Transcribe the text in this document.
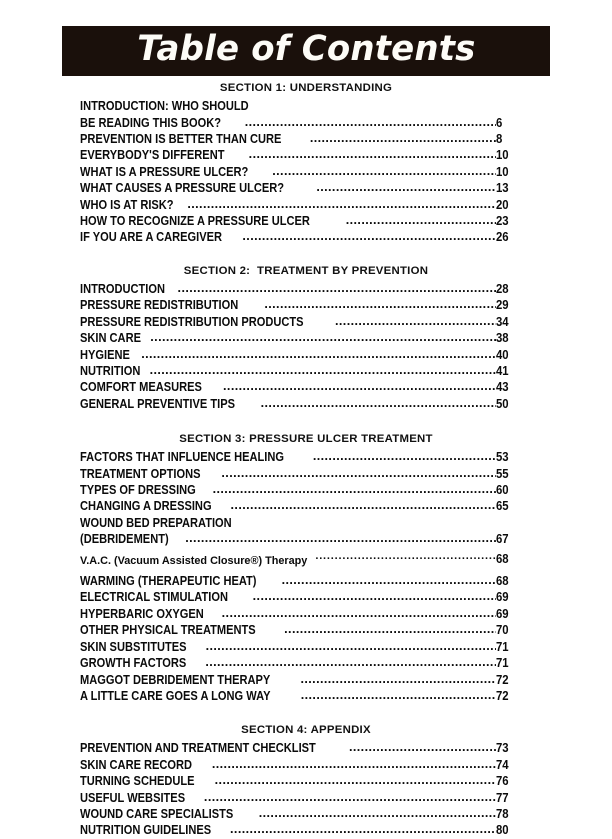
Table of Contents
SECTION 1: UNDERSTANDING
INTRODUCTION: WHO SHOULD
BE READING THIS BOOK? .....	6
PREVENTION IS BETTER THAN CURE .....	8
EVERYBODY'S DIFFERENT .....	10
WHAT IS A PRESSURE ULCER? .....	10
WHAT CAUSES A PRESSURE ULCER? .....	13
WHO IS AT RISK? .....	20
HOW TO RECOGNIZE A PRESSURE ULCER .....	23
IF YOU ARE A CAREGIVER .....	26
SECTION 2:  TREATMENT BY PREVENTION
INTRODUCTION .....	28
PRESSURE REDISTRIBUTION .....	29
PRESSURE REDISTRIBUTION PRODUCTS .....	34
SKIN CARE .....	38
HYGIENE .....	40
NUTRITION .....	41
COMFORT MEASURES .....	43
GENERAL PREVENTIVE TIPS .....	50
SECTION 3: PRESSURE ULCER TREATMENT
FACTORS THAT INFLUENCE HEALING .....	53
TREATMENT OPTIONS .....	55
TYPES OF DRESSING .....	60
CHANGING A DRESSING .....	65
WOUND BED PREPARATION
(DEBRIDEMENT) .....	67
V.A.C. (Vacuum Assisted Closure®) Therapy .....	68
WARMING (THERAPEUTIC HEAT) .....	68
ELECTRICAL STIMULATION .....	69
HYPERBARIC OXYGEN .....	69
OTHER PHYSICAL TREATMENTS .....	70
SKIN SUBSTITUTES .....	71
GROWTH FACTORS .....	71
MAGGOT DEBRIDEMENT THERAPY .....	72
A LITTLE CARE GOES A LONG WAY .....	72
SECTION 4: APPENDIX
PREVENTION AND TREATMENT CHECKLIST .....	73
SKIN CARE RECORD .....	74
TURNING SCHEDULE .....	76
USEFUL WEBSITES .....	77
WOUND CARE SPECIALISTS .....	78
NUTRITION GUIDELINES .....	80
